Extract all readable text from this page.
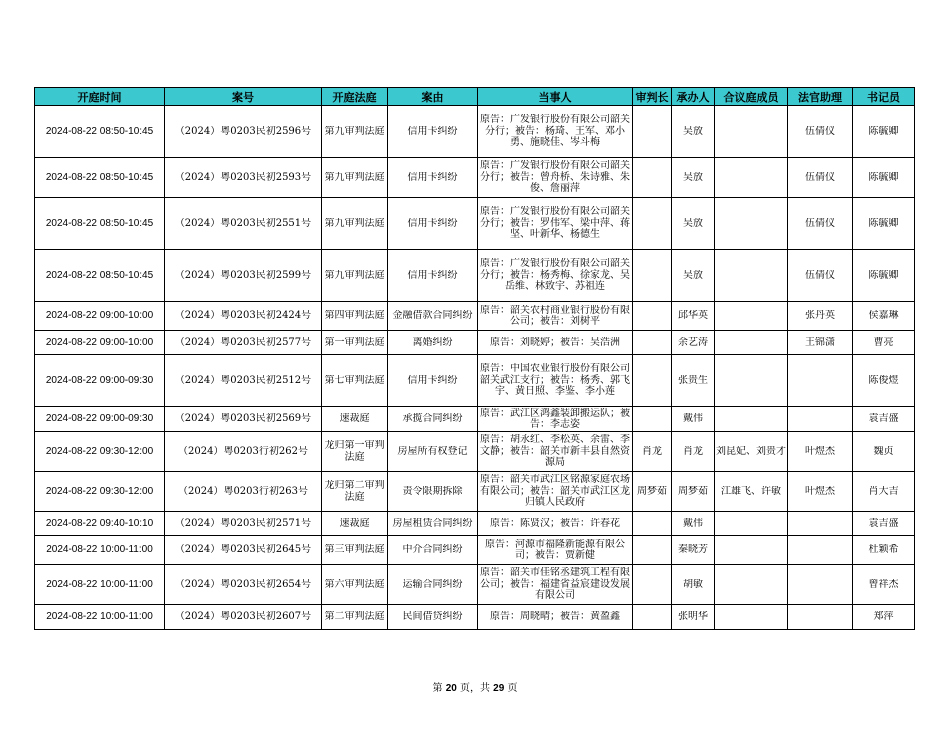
开庭时间	案号	开庭法庭	案由	当事人	审判长	承办人	合议庭成员	法官助理	书记员

2024-08-22 08:50-10:45	（2024）粤0203民初2596号	第九审判法庭	信用卡纠纷	原告：广发银行股份有限公司韶关分行；被告：杨琦、王军、邓小勇、施晓佳、岑斗梅		吴放		伍倩仪	陈毓卿

2024-08-22 08:50-10:45	（2024）粤0203民初2593号	第九审判法庭	信用卡纠纷	原告：广发银行股份有限公司韶关分行；被告：曾舟桥、朱诗雅、朱俊、詹丽萍		吴放		伍倩仪	陈毓卿

2024-08-22 08:50-10:45	（2024）粤0203民初2551号	第九审判法庭	信用卡纠纷	原告：广发银行股份有限公司韶关分行；被告：罗伟军、梁中萍、蒋坚、叶新华、杨德生		吴放		伍倩仪	陈毓卿

2024-08-22 08:50-10:45	（2024）粤0203民初2599号	第九审判法庭	信用卡纠纷	原告：广发银行股份有限公司韶关分行；被告：杨秀梅、徐家龙、吴岳维、林致宇、苏祖连		吴放		伍倩仪	陈毓卿

2024-08-22 09:00-10:00	（2024）粤0203民初2424号	第四审判法庭	金融借款合同纠纷	原告：韶关农村商业银行股份有限公司；被告：刘树平		邱华英		张丹英	侯嘉琳

2024-08-22 09:00-10:00	（2024）粤0203民初2577号	第一审判法庭	离婚纠纷	原告：刘晓婷；被告：吴浩洲		余艺涛		王锦潇	曹亮

2024-08-22 09:00-09:30	（2024）粤0203民初2512号	第七审判法庭	信用卡纠纷	原告：中国农业银行股份有限公司韶关武江支行；被告：杨秀、郭飞宇、黄日照、李鉴、李小莲		张贵生			陈俊煜

2024-08-22 09:00-09:30	（2024）粤0203民初2569号	速裁庭	承揽合同纠纷	原告：武江区鸿鑫装卸搬运队；被告：李志姿		戴伟			袁吉盛

2024-08-22 09:30-12:00	（2024）粤0203行初262号	龙归第一审判法庭	房屋所有权登记	原告：胡永红、李松英、余雷、李文静；被告：韶关市新丰县自然资源局	肖龙	肖龙	刘昆妃、刘贵才	叶煜杰	魏贞

2024-08-22 09:30-12:00	（2024）粤0203行初263号	龙归第二审判法庭	责令限期拆除	原告：韶关市武江区铭源家庭农场有限公司；被告：韶关市武江区龙归镇人民政府	周梦茹	周梦茹	江雄飞、许敏	叶煜杰	肖大吉

2024-08-22 09:40-10:10	（2024）粤0203民初2571号	速裁庭	房屋租赁合同纠纷	原告：陈贤汉；被告：许春花		戴伟			袁吉盛

2024-08-22 10:00-11:00	（2024）粤0203民初2645号	第三审判法庭	中介合同纠纷	原告：河源市福隆新能源有限公司；被告：贾新健		秦晓芳			杜颖希

2024-08-22 10:00-11:00	（2024）粤0203民初2654号	第六审判法庭	运输合同纠纷	原告：韶关市佳铭丞建筑工程有限公司；被告：福建省益宸建设发展有限公司		胡敏			曾祥杰

2024-08-22 10:00-11:00	（2024）粤0203民初2607号	第二审判法庭	民间借贷纠纷	原告：周晓晴；被告：黄盈鑫		张明华			郑萍
第 20 页，共 29 页
